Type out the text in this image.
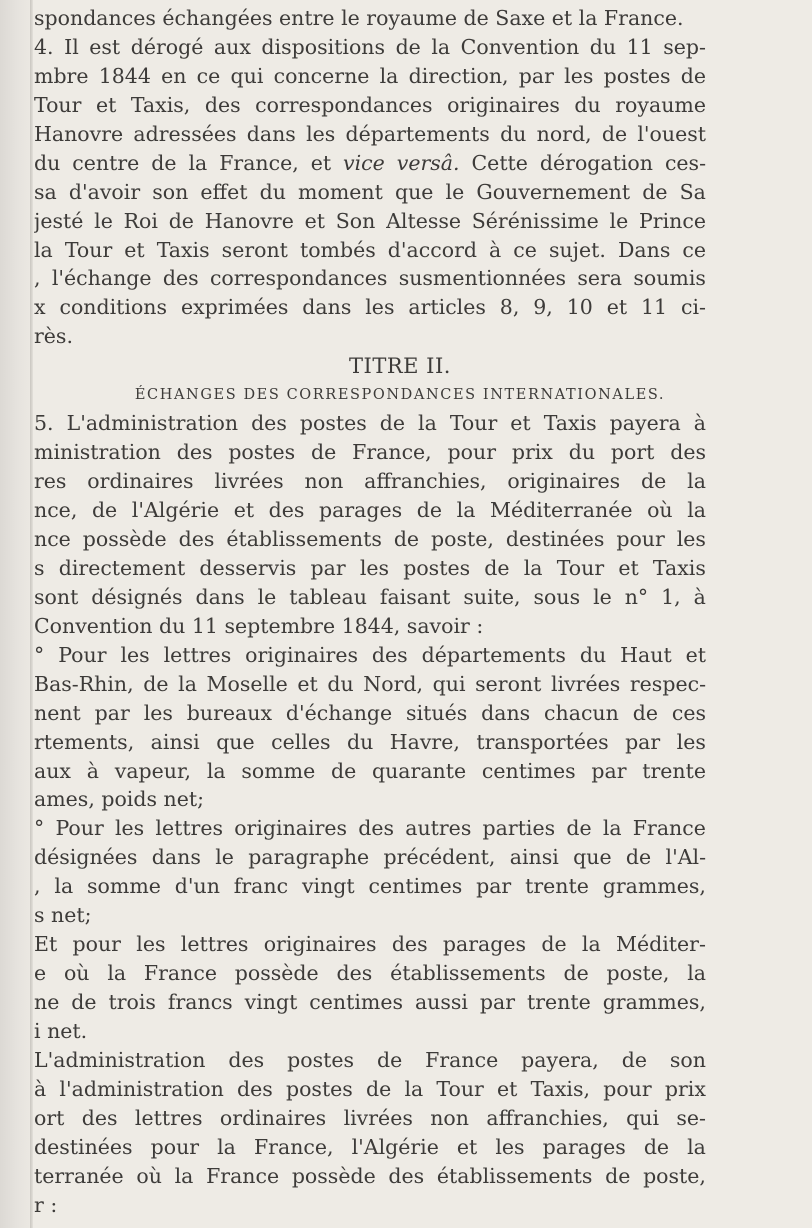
spondances échangées entre le royaume de Saxe et la France.
4. Il est dérogé aux dispositions de la Convention du 11 sep-
mbre 1844 en ce qui concerne la direction, par les postes de
Tour et Taxis, des correspondances originaires du royaume
Hanovre adressées dans les départements du nord, de l'ouest
du centre de la France, et vice versâ. Cette dérogation ces-
sa d'avoir son effet du moment que le Gouvernement de Sa
jesté le Roi de Hanovre et Son Altesse Sérénissime le Prince
la Tour et Taxis seront tombés d'accord à ce sujet. Dans ce
, l'échange des correspondances susmentionnées sera soumis
x conditions exprimées dans les articles 8, 9, 10 et 11 ci-
rès.
TITRE II.
ÉCHANGES DES CORRESPONDANCES INTERNATIONALES.
5. L'administration des postes de la Tour et Taxis payera à
ministration des postes de France, pour prix du port des
res ordinaires livrées non affranchies, originaires de la
nce, de l'Algérie et des parages de la Méditerranée où la
nce possède des établissements de poste, destinées pour les
s directement desservis par les postes de la Tour et Taxis
sont désignés dans le tableau faisant suite, sous le n° 1, à
Convention du 11 septembre 1844, savoir :
° Pour les lettres originaires des départements du Haut et
Bas-Rhin, de la Moselle et du Nord, qui seront livrées respec-
nent par les bureaux d'échange situés dans chacun de ces
rtements, ainsi que celles du Havre, transportées par les
aux à vapeur, la somme de quarante centimes par trente
ames, poids net;
° Pour les lettres originaires des autres parties de la France
désignées dans le paragraphe précédent, ainsi que de l'Al-
, la somme d'un franc vingt centimes par trente grammes,
s net;
Et pour les lettres originaires des parages de la Méditer-
e où la France possède des établissements de poste, la
ne de trois francs vingt centimes aussi par trente grammes,
i net.
L'administration des postes de France payera, de son
à l'administration des postes de la Tour et Taxis, pour prix
ort des lettres ordinaires livrées non affranchies, qui se-
destinées pour la France, l'Algérie et les parages de la
terranée où la France possède des établissements de poste,
r :
